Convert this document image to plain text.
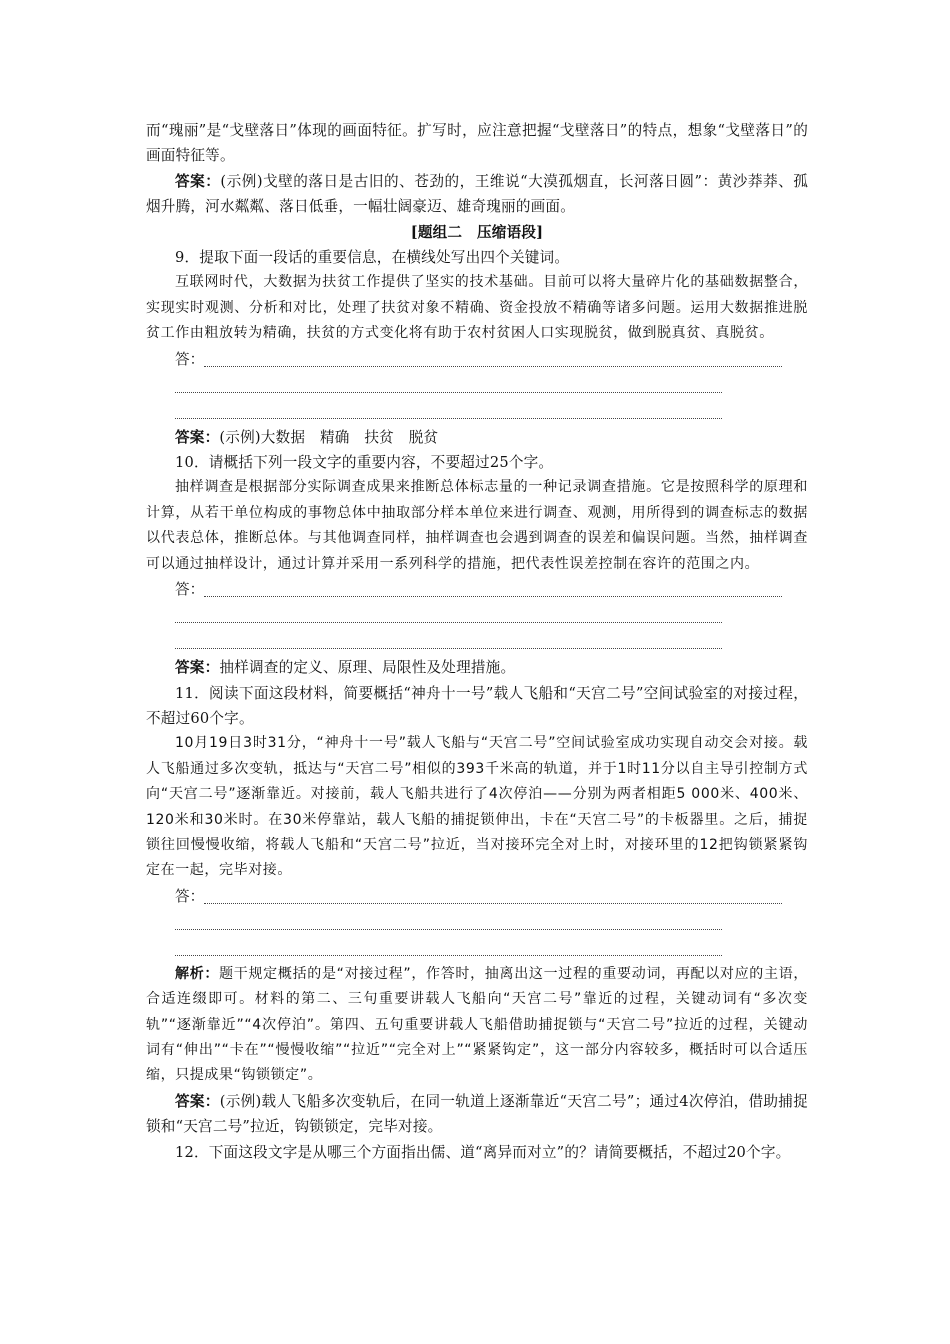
而“瑰丽”是“戈壁落日”体现的画面特征。扩写时，应注意把握“戈壁落日”的特点，想象“戈壁落日”的画面特征等。

答案：(示例)戈壁的落日是古旧的、苍劲的，王维说“大漠孤烟直，长河落日圆”：黄沙莽莽、孤烟升腾，河水粼粼、落日低垂，一幅壮阔豪迈、雄奇瑰丽的画面。

[题组二　压缩语段]

9．提取下面一段话的重要信息，在横线处写出四个关键词。

互联网时代，大数据为扶贫工作提供了坚实的技术基础。目前可以将大量碎片化的基础数据整合，实现实时观测、分析和对比，处理了扶贫对象不精确、资金投放不精确等诸多问题。运用大数据推进脱贫工作由粗放转为精确，扶贫的方式变化将有助于农村贫困人口实现脱贫，做到脱真贫、真脱贫。

答：

答案：(示例)大数据　精确　扶贫　脱贫

10．请概括下列一段文字的重要内容，不要超过25个字。

抽样调查是根据部分实际调查成果来推断总体标志量的一种记录调查措施。它是按照科学的原理和计算，从若干单位构成的事物总体中抽取部分样本单位来进行调查、观测，用所得到的调查标志的数据以代表总体，推断总体。与其他调查同样，抽样调查也会遇到调查的误差和偏误问题。当然，抽样调查可以通过抽样设计，通过计算并采用一系列科学的措施，把代表性误差控制在容许的范围之内。

答：

答案：抽样调查的定义、原理、局限性及处理措施。

11．阅读下面这段材料，简要概括“神舟十一号”载人飞船和“天宫二号”空间试验室的对接过程，不超过60个字。

10月19日3时31分，“神舟十一号”载人飞船与“天宫二号”空间试验室成功实现自动交会对接。载人飞船通过多次变轨，抵达与“天宫二号”相似的393千米高的轨道，并于1时11分以自主导引控制方式向“天宫二号”逐渐靠近。对接前，载人飞船共进行了4次停泊——分别为两者相距5 000米、400米、120米和30米时。在30米停靠站，载人飞船的捕捉锁伸出，卡在“天宫二号”的卡板器里。之后，捕捉锁往回慢慢收缩，将载人飞船和“天宫二号”拉近，当对接环完全对上时，对接环里的12把钩锁紧紧钩定在一起，完毕对接。

答：

解析：题干规定概括的是“对接过程”，作答时，抽离出这一过程的重要动词，再配以对应的主语，合适连缀即可。材料的第二、三句重要讲载人飞船向“天宫二号”靠近的过程，关键动词有“多次变轨”“逐渐靠近”“4次停泊”。第四、五句重要讲载人飞船借助捕捉锁与“天宫二号”拉近的过程，关键动词有“伸出”“卡在”“慢慢收缩”“拉近”“完全对上”“紧紧钩定”，这一部分内容较多，概括时可以合适压缩，只提成果“钩锁锁定”。

答案：(示例)载人飞船多次变轨后，在同一轨道上逐渐靠近“天宫二号”；通过4次停泊，借助捕捉锁和“天宫二号”拉近，钩锁锁定，完毕对接。

12．下面这段文字是从哪三个方面指出儒、道“离异而对立”的？请简要概括，不超过20个字。
